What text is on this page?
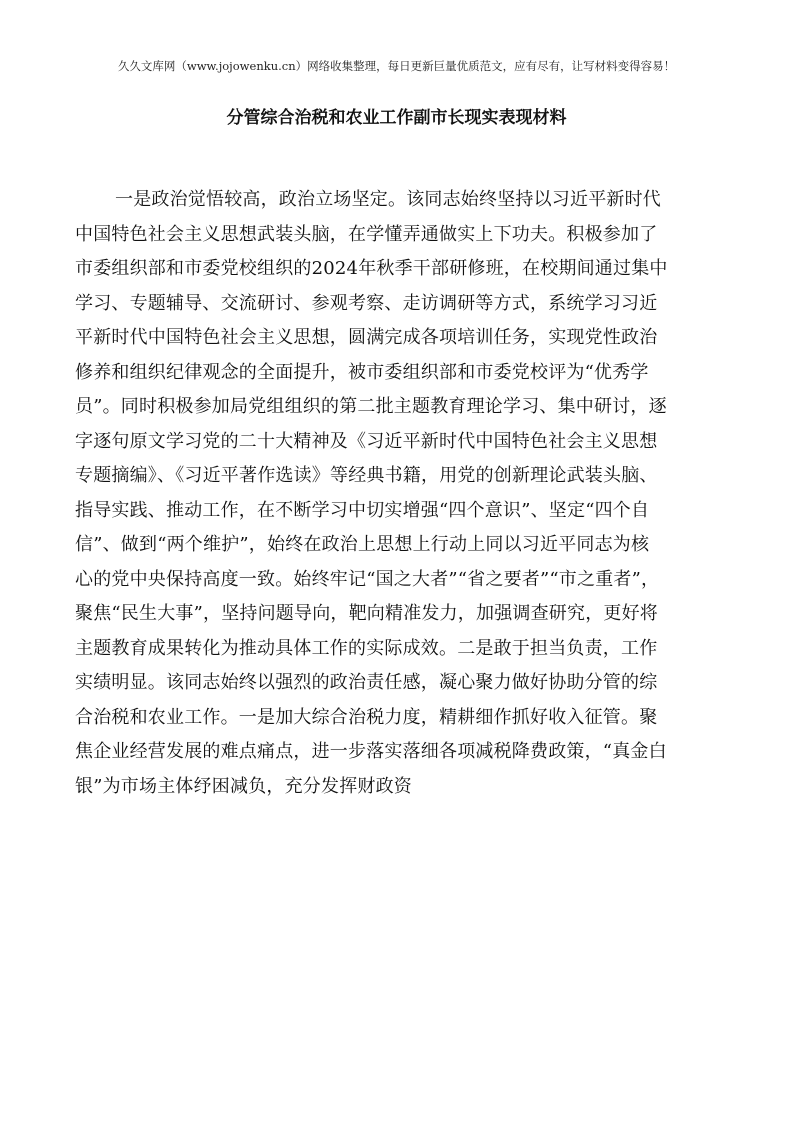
久久文库网（www.jojowenku.cn）网络收集整理，每日更新巨量优质范文，应有尽有，让写材料变得容易！
分管综合治税和农业工作副市长现实表现材料
一是政治觉悟较高，政治立场坚定。该同志始终坚持以习近平新时代
中国特色社会主义思想武装头脑，在学懂弄通做实上下功夫。积极参加了
市委组织部和市委党校组织的2024年秋季干部研修班，在校期间通过集中
学习、专题辅导、交流研讨、参观考察、走访调研等方式，系统学习习近
平新时代中国特色社会主义思想，圆满完成各项培训任务，实现党性政治
修养和组织纪律观念的全面提升，被市委组织部和市委党校评为“优秀学
员”。同时积极参加局党组组织的第二批主题教育理论学习、集中研讨，逐
字逐句原文学习党的二十大精神及《习近平新时代中国特色社会主义思想
专题摘编》、《习近平著作选读》等经典书籍，用党的创新理论武装头脑、
指导实践、推动工作，在不断学习中切实增强“四个意识”、坚定“四个自
信”、做到“两个维护”，始终在政治上思想上行动上同以习近平同志为核
心的党中央保持高度一致。始终牢记“国之大者”“省之要者”“市之重者”，
聚焦“民生大事”，坚持问题导向，靶向精准发力，加强调查研究，更好将
主题教育成果转化为推动具体工作的实际成效。二是敢于担当负责，工作
实绩明显。该同志始终以强烈的政治责任感，凝心聚力做好协助分管的综
合治税和农业工作。一是加大综合治税力度，精耕细作抓好收入征管。聚
焦企业经营发展的难点痛点，进一步落实落细各项减税降费政策，“真金白
银”为市场主体纾困减负，充分发挥财政资
